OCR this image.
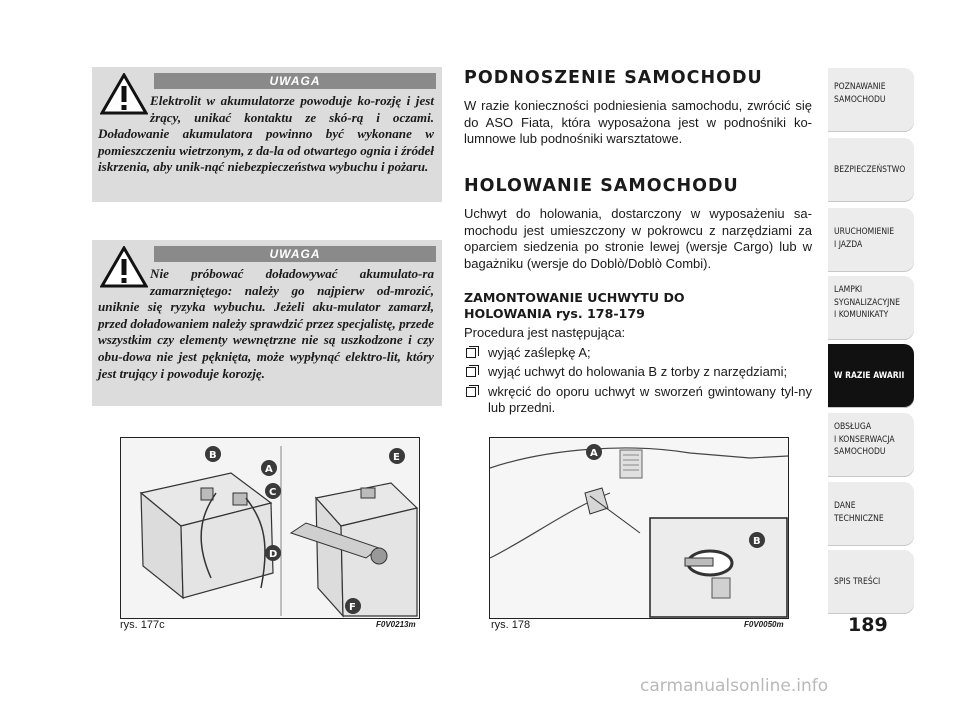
UWAGA
Elektrolit w akumulatorze powoduje ko-rozję i jest żrący, unikać kontaktu ze skó-rą i oczami. Doładowanie akumulatora powinno być wykonane w pomieszczeniu wietrzonym, z da-la od otwartego ognia i źródeł iskrzenia, aby unik-nąć niebezpieczeństwa wybuchu i pożaru.
UWAGA
Nie próbować doładowywać akumulato-ra zamarzniętego: należy go najpierw od-mrozić, uniknie się ryzyka wybuchu. Jeżeli aku-mulator zamarzł, przed doładowaniem należy sprawdzić przez specjalistę, przede wszystkim czy elementy wewnętrzne nie są uszkodzone i czy obu-dowa nie jest pęknięta, może wypłynąć elektro-lit, który jest trujący i powoduje korozję.
B
A
C
D
E
F
rys. 177c	F0V0213m
PODNOSZENIE SAMOCHODU
W razie konieczności podniesienia samochodu, zwrócić się do ASO Fiata, która wyposażona jest w podnośniki ko-lumnowe lub podnośniki warsztatowe.
HOLOWANIE SAMOCHODU
Uchwyt do holowania, dostarczony w wyposażeniu sa-mochodu jest umieszczony w pokrowcu z narzędziami za oparciem siedzenia po stronie lewej (wersje Cargo) lub w bagażniku (wersje do Doblò/Doblò Combi).
ZAMONTOWANIE UCHWYTU DO
HOLOWANIA rys. 178-179
Procedura jest następująca:
wyjąć zaślepkę A;
wyjąć uchwyt do holowania B z torby z narzędziami;
wkręcić do oporu uchwyt w sworzeń gwintowany tyl-ny lub przedni.
A
B
rys. 178	F0V0050m
POZNAWANIE
SAMOCHODU
BEZPIECZEŃSTWO
URUCHOMIENIE
I JAZDA
LAMPKI
SYGNALIZACYJNE
I KOMUNIKATY
W RAZIE AWARII
OBSŁUGA
I KONSERWACJA
SAMOCHODU
DANE
TECHNICZNE
SPIS TREŚCI
189
carmanualsonline.info
